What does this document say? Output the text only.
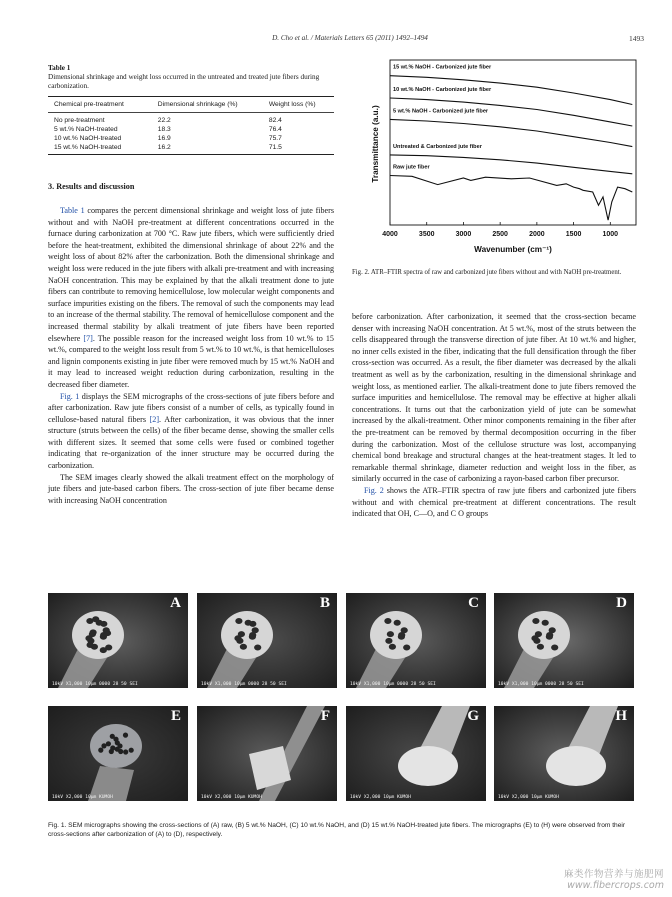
D. Cho et al. / Materials Letters 65 (2011) 1492–1494	1493
Table 1
Dimensional shrinkage and weight loss occurred in the untreated and treated jute fibers during carbonization.
Chemical pre-treatment	Dimensional shrinkage (%)	Weight loss (%)
No pre-treatment	22.2	82.4
5 wt.% NaOH-treated	18.3	76.4
10 wt.% NaOH-treated	16.9	75.7
15 wt.% NaOH-treated	16.2	71.5
3. Results and discussion

Table 1 compares the percent dimensional shrinkage and weight loss of jute fibers without and with NaOH pre-treatment at different concentrations occurred in the furnace during carbonization at 700 °C. Raw jute fibers, which were sufficiently dried before the heat-treatment, exhibited the dimensional shrinkage of about 22% and the weight loss of about 82% after the carbonization. Both the dimensional shrinkage and weight loss were reduced in the jute fibers with alkali pre-treatment and with increasing NaOH concentration. This may be explained by that the alkali treatment done to jute fibers can contribute to removing hemicellulose, low molecular weight components and surface impurities existing on the fibers. The removal of such the components may lead to an increase of the thermal stability. The removal of hemicellulose component and the increased thermal stability by alkali treatment of jute fibers have been reported elsewhere [7]. The possible reason for the increased weight loss from 10 wt.% to 15 wt.%, compared to the weight loss result from 5 wt.% to 10 wt.%, is that hemicelluloses and lignin components existing in jute fiber were removed much by 15 wt.% NaOH and it may lead to increased weight reduction during carbonization, resulting in the decreased fiber diameter.

Fig. 1 displays the SEM micrographs of the cross-sections of jute fibers before and after carbonization. Raw jute fibers consist of a number of cells, as typically found in cellulose-based natural fibers [2]. After carbonization, it was obvious that the inner structure (struts between the cells) of the fiber became dense, showing the smaller cells with different sizes. It seemed that some cells were fused or combined together indicating that re-organization of the inner structure may be occurred during the carbonization.

The SEM images clearly showed the alkali treatment effect on the morphology of jute fibers and jute-based carbon fibers. The cross-section of jute fiber became dense with increasing NaOH concentration

15 wt.% NaOH - Carbonized jute fiber
10 wt.% NaOH - Carbonized jute fiber
5 wt.% NaOH - Carbonized jute fiber
Untreated & Carbonized jute fiber
Raw jute fiber
4000	3500	3000	2500	2000	1500	1000
Wavenumber (cm⁻¹)
Transmittance (a.u.)
Fig. 2. ATR–FTIR spectra of raw and carbonized jute fibers without and with NaOH pre-treatment.

before carbonization. After carbonization, it seemed that the cross-section became denser with increasing NaOH concentration. At 5 wt.%, most of the struts between the cells disappeared through the transverse direction of jute fiber. At 10 wt.% and higher, no inner cells existed in the fiber, indicating that the full densification through the fiber cross-section was occurred. As a result, the fiber diameter was decreased by the alkali treatment as well as by the carbonization, resulting in the dimensional shrinkage and weight loss, as mentioned earlier. The alkali-treatment done to jute fibers removed the surface impurities and hemicellulose. The removal may be effective at higher alkali concentrations. It turns out that the carbonization yield of jute can be somewhat increased by the alkali-treatment. Other minor components remaining in the fiber after the pre-treatment can be removed by thermal decomposition occurring in the fiber during the carbonization. Most of the cellulose structure was lost, accompanying chemical bond breakage and structural changes at the heat-treatment stages. It led to remarkable thermal shrinkage, diameter reduction and weight loss in the fiber, as similarly occurred in the case of carbonizing a rayon-based carbon fiber precursor.

Fig. 2 shows the ATR–FTIR spectra of raw jute fibers and carbonized jute fibers without and with chemical pre-treatment at different concentrations. The result indicated that OH, C—O, and C O groups

A
10kV X1,000 10μm 0000 28 50 SEI
B
10kV X1,000 10μm 0000 28 50 SEI
C
10kV X1,000 10μm 0000 28 50 SEI
D
10kV X1,000 10μm 0000 28 50 SEI
E
10kV X2,000 10μm KUMOH
F
10kV X2,000 10μm KUMOH
G
10kV X2,000 10μm KUMOH
H
10kV X2,000 10μm KUMOH
Fig. 1. SEM micrographs showing the cross-sections of (A) raw, (B) 5 wt.% NaOH, (C) 10 wt.% NaOH, and (D) 15 wt.% NaOH-treated jute fibers. The micrographs (E) to (H) were observed from their cross-sections after carbonization of (A) to (D), respectively.
麻类作物营养与施肥网
www.fibercrops.com
